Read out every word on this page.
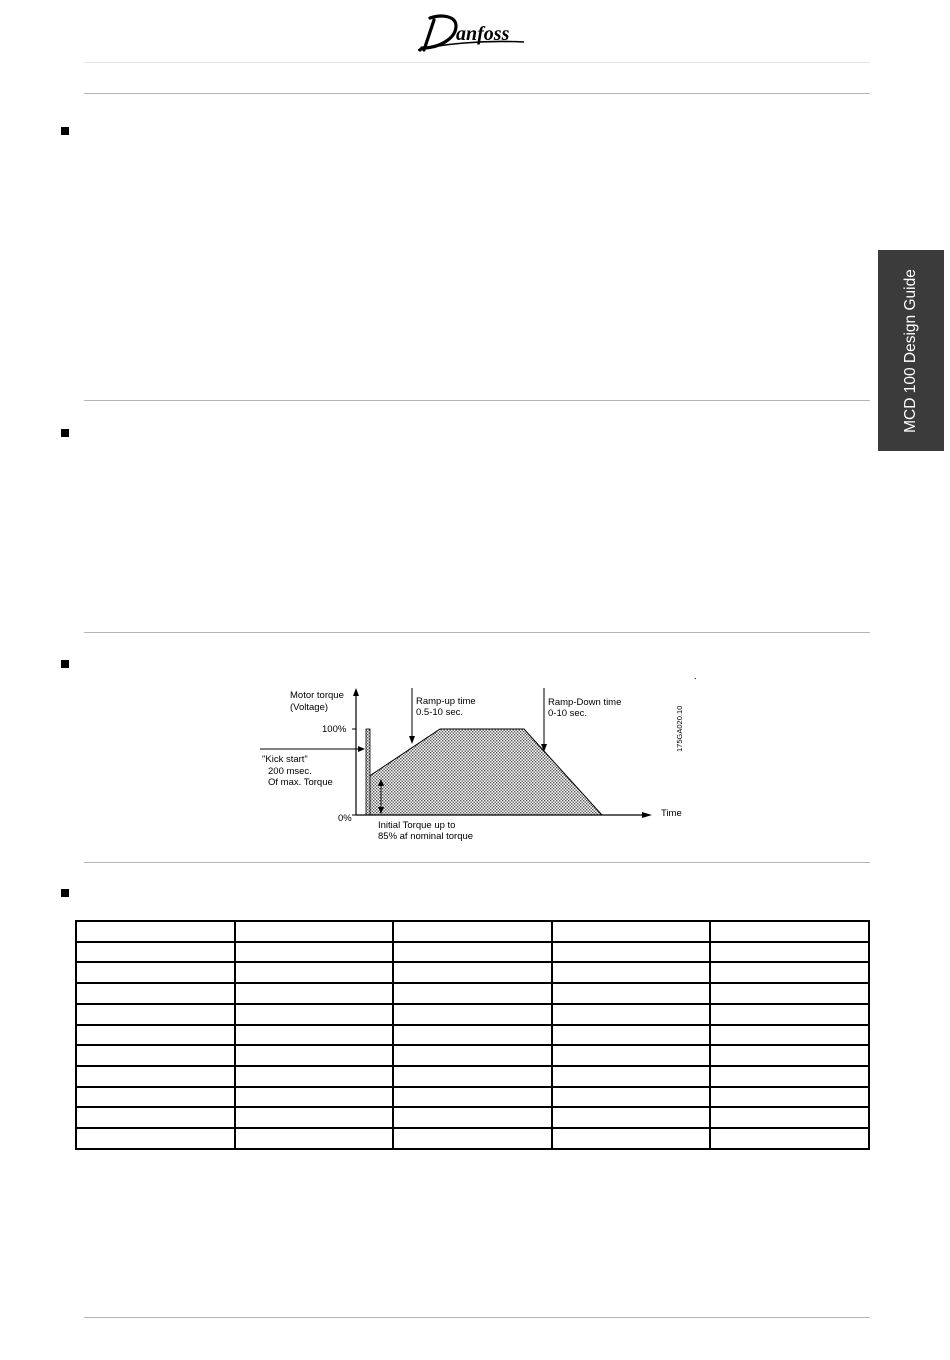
anfoss
MCD 100 Design Guide
Motor torque
(Voltage)
100%
0%	Time
"Kick start"
200 msec.
Of max. Torque
Ramp-up time
0.5-10 sec.
Ramp-Down time
0-10 sec.
Initial Torque up to
85% af nominal torque
175GA020.10
